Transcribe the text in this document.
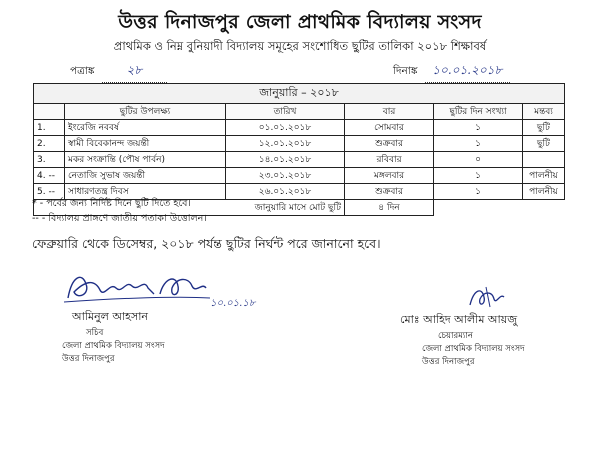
উত্তর দিনাজপুর জেলা প্রাথমিক বিদ্যালয় সংসদ
প্রাথমিক ও নিম্ন বুনিয়াদী বিদ্যালয় সমূহের সংশোধিত ছুটির তালিকা ২০১৮ শিক্ষাবর্ষ
পত্রাঙ্ক	২৮	দিনাঙ্ক ১০.০১.২০১৮
জানুয়ারি – ২০১৮					
	ছুটির উপলক্ষ্য	তারিখ	বার	ছুটির দিন সংখ্যা	মন্তব্য
1.	ইংরেজি নববর্ষ	০১.০১.২০১৮	সোমবার	১	ছুটি
2.	স্বামী বিবেকানন্দ জয়ন্তী	১২.০১.২০১৮	শুক্রবার	১	ছুটি
3.	মকর সংক্রান্তি (পৌষ পার্বন)	১৪.০১.২০১৮	রবিবার	০	
4. --	নেতাজি সুভাষ জয়ন্তী	২৩.০১.২০১৮	মঙ্গলবার	১	পালনীয়
5. --	সাধারণতন্ত্র দিবস	২৬.০১.২০১৮	শুক্রবার	১	পালনীয়
জানুয়ারি মাসে মোট ছুটি			৪ দিন		
* - পর্বের জন্য নির্দিষ্ট দিনে ছুটি দিতে হবে।
-- - বিদ্যালয় প্রাঙ্গণে জাতীয় পতাকা উত্তোলন।
ফেব্রুয়ারি থেকে ডিসেম্বর, ২০১৮ পর্যন্ত ছুটির নির্ঘন্ট পরে জানানো হবে।
১০.০১.১৮
আমিনুল আহসান
সচিব
জেলা প্রাথমিক বিদ্যালয় সংসদ
উত্তর দিনাজপুর
মোঃ আহিদ আলীম আয়জু
চেয়ারম্যান
জেলা প্রাথমিক বিদ্যালয় সংসদ
উত্তর দিনাজপুর
